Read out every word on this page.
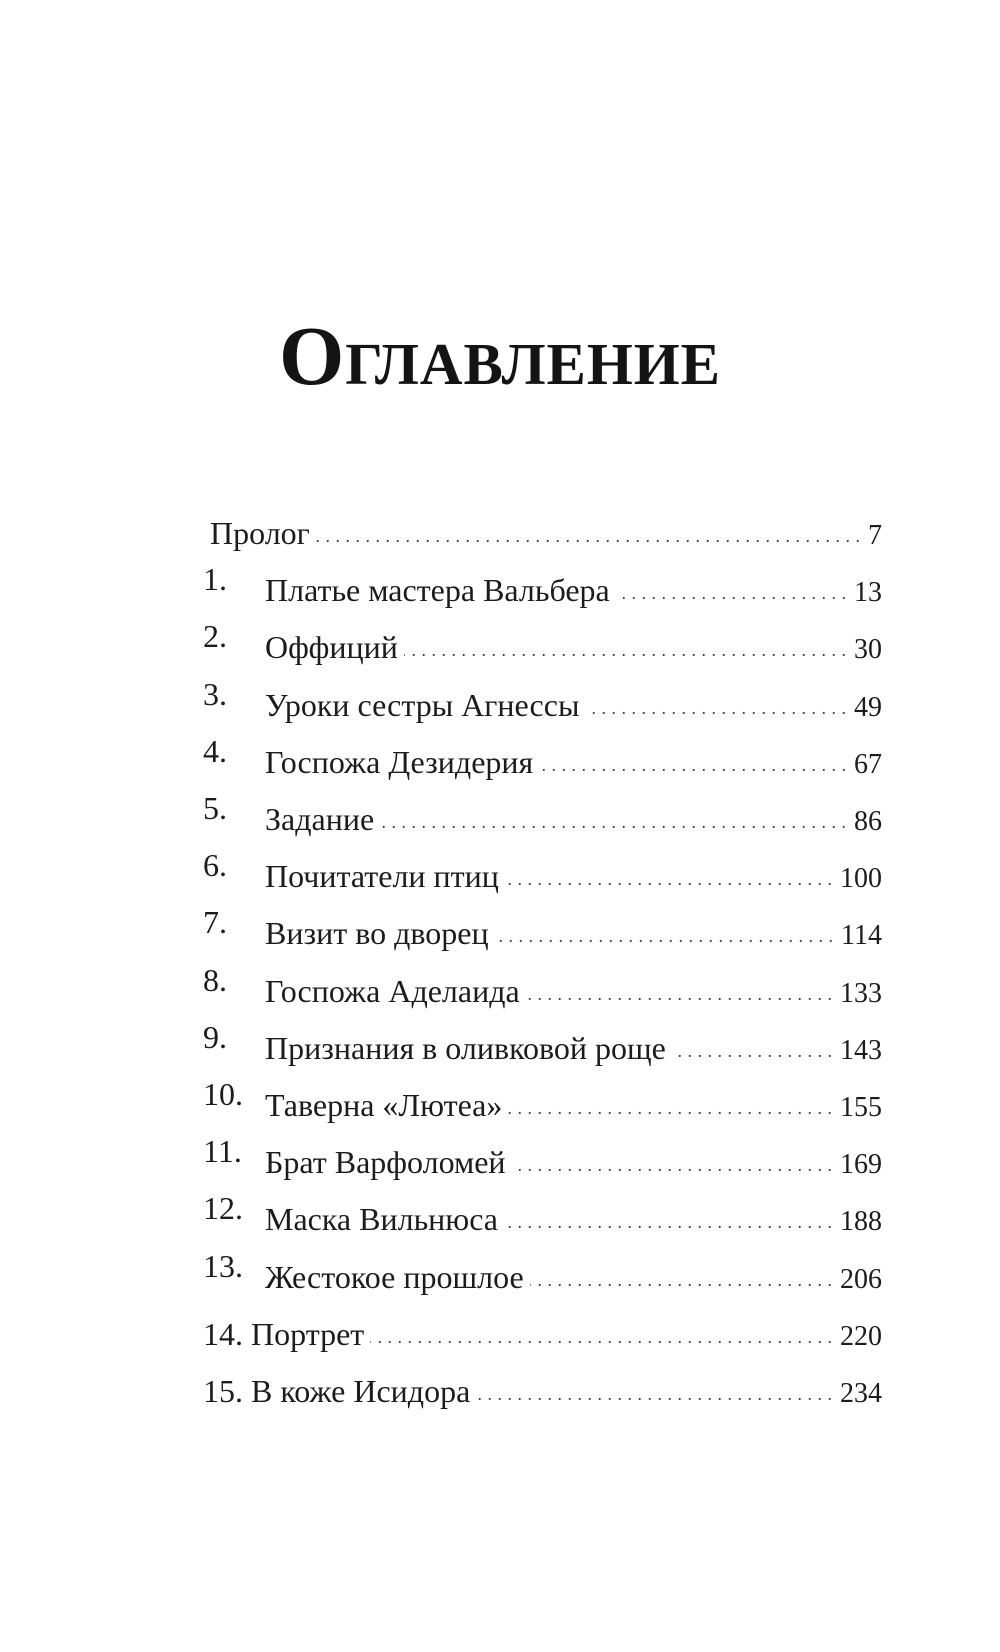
Оглавление
Пролог . . .	7
1. Платье мастера Вальбера . . .	13
2. Оффиций . . .	30
3. Уроки сестры Агнессы . . .	49
4. Госпожа Дезидерия . . .	67
5. Задание . . .	86
6. Почитатели птиц . . .	100
7. Визит во дворец . . .	114
8. Госпожа Аделаида . . .	133
9. Признания в оливковой роще . . .	143
10. Таверна «Лютеа» . . .	155
11. Брат Варфоломей . . .	169
12. Маска Вильнюса . . .	188
13. Жестокое прошлое . . .	206
14. Портрет . . .	220
15. В коже Исидора . . .	234
